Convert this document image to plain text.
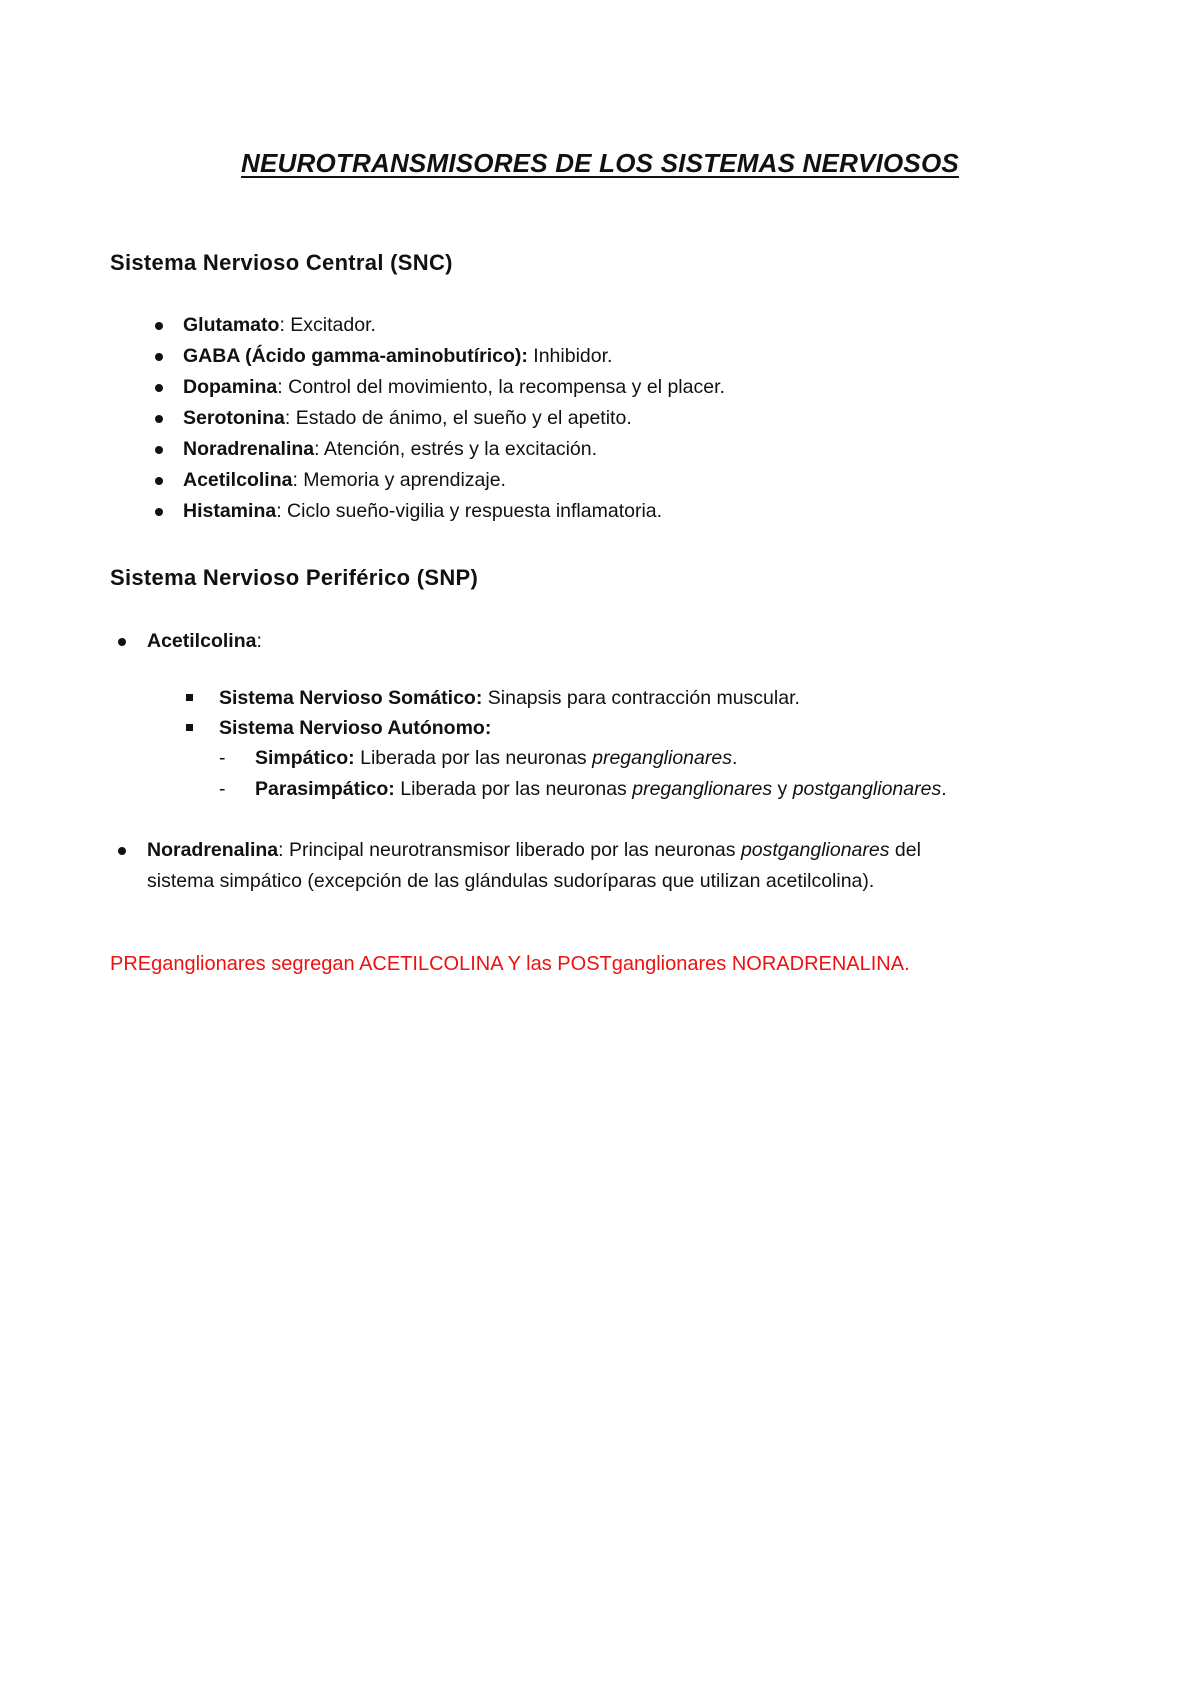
NEUROTRANSMISORES DE LOS SISTEMAS NERVIOSOS
Sistema Nervioso Central (SNC)

Glutamato: Excitador.

GABA (Ácido gamma-aminobutírico): Inhibidor.

Dopamina: Control del movimiento, la recompensa y el placer.

Serotonina: Estado de ánimo, el sueño y el apetito.

Noradrenalina: Atención, estrés y la excitación.

Acetilcolina: Memoria y aprendizaje.

Histamina: Ciclo sueño-vigilia y respuesta inflamatoria.

Sistema Nervioso Periférico (SNP)

Acetilcolina:

Sistema Nervioso Somático: Sinapsis para contracción muscular.

Sistema Nervioso Autónomo:

- Simpático: Liberada por las neuronas preganglionares.

- Parasimpático: Liberada por las neuronas preganglionares y postganglionares.

Noradrenalina: Principal neurotransmisor liberado por las neuronas postganglionares del

sistema simpático (excepción de las glándulas sudoríparas que utilizan acetilcolina).

PREganglionares segregan ACETILCOLINA Y las POSTganglionares NORADRENALINA.
